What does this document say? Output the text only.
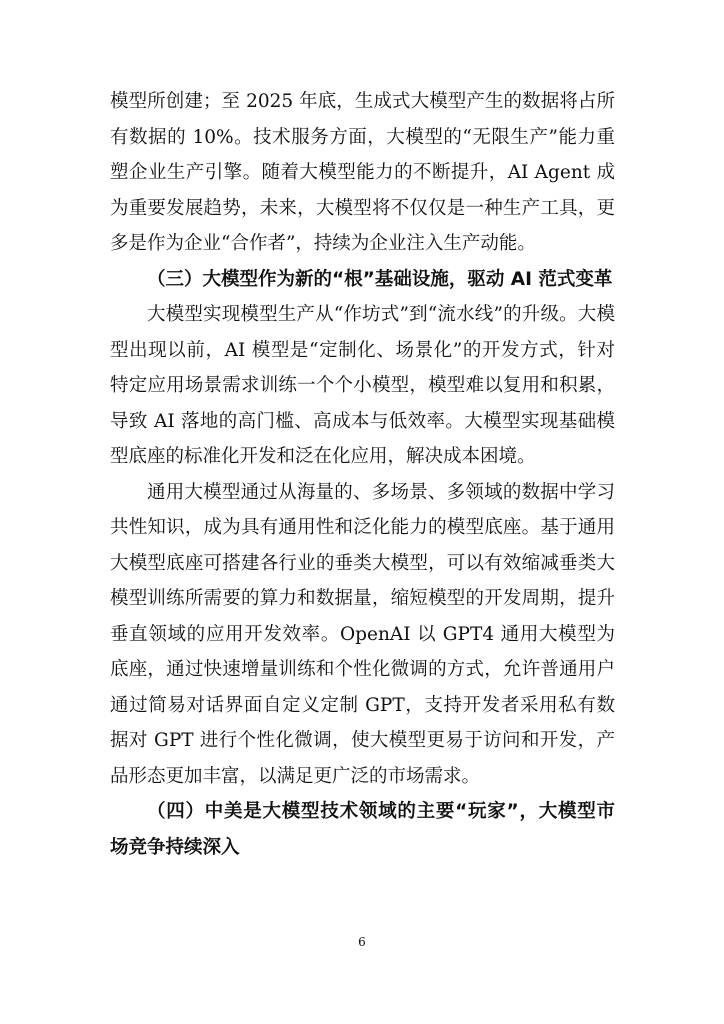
模型所创建；至 2025 年底，生成式大模型产生的数据将占所有数据的 10%。技术服务方面，大模型的“无限生产”能力重塑企业生产引擎。随着大模型能力的不断提升，AI Agent 成为重要发展趋势，未来，大模型将不仅仅是一种生产工具，更多是作为企业“合作者”，持续为企业注入生产动能。

（三）大模型作为新的“根”基础设施，驱动 AI 范式变革

大模型实现模型生产从“作坊式”到“流水线”的升级。大模型出现以前，AI 模型是“定制化、场景化”的开发方式，针对特定应用场景需求训练一个个小模型，模型难以复用和积累，导致 AI 落地的高门槛、高成本与低效率。大模型实现基础模型底座的标准化开发和泛在化应用，解决成本困境。

通用大模型通过从海量的、多场景、多领域的数据中学习共性知识，成为具有通用性和泛化能力的模型底座。基于通用大模型底座可搭建各行业的垂类大模型，可以有效缩减垂类大模型训练所需要的算力和数据量，缩短模型的开发周期，提升垂直领域的应用开发效率。OpenAI 以 GPT4 通用大模型为底座，通过快速增量训练和个性化微调的方式，允许普通用户通过简易对话界面自定义定制 GPT，支持开发者采用私有数据对 GPT 进行个性化微调，使大模型更易于访问和开发，产品形态更加丰富，以满足更广泛的市场需求。

（四）中美是大模型技术领域的主要“玩家”，大模型市场竞争持续深入

6
